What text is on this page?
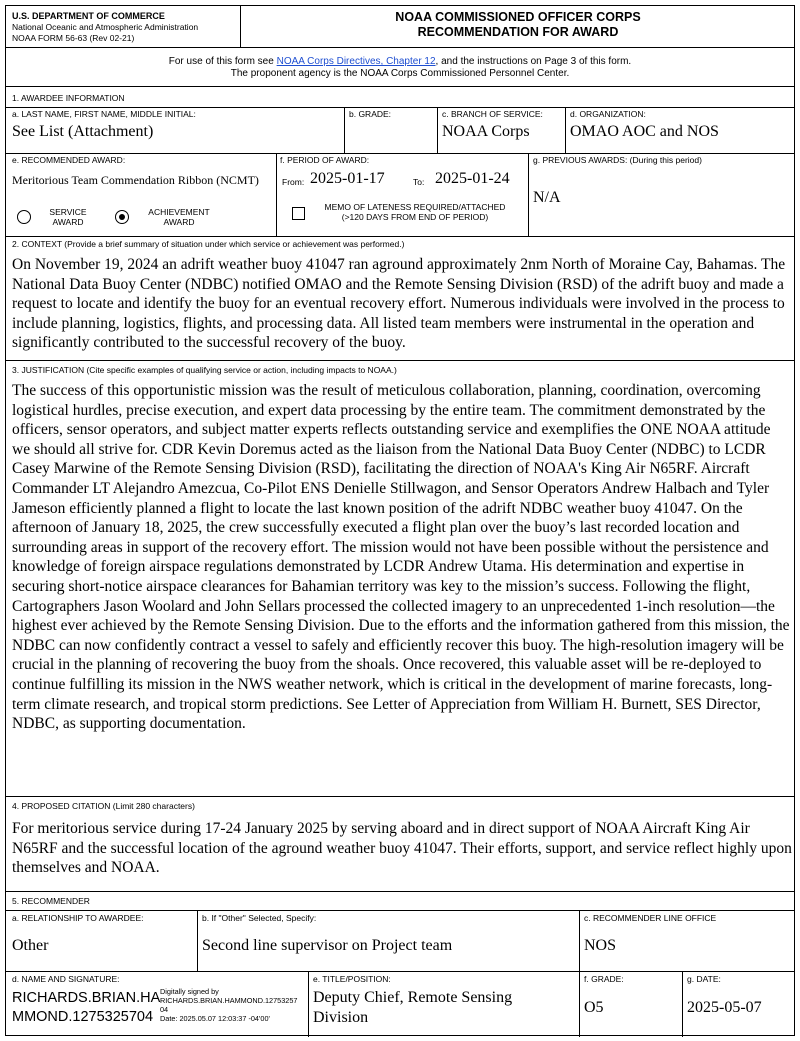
U.S. DEPARTMENT OF COMMERCE
National Oceanic and Atmospheric Administration
NOAA FORM 56-63 (Rev 02-21)
NOAA COMMISSIONED OFFICER CORPS
RECOMMENDATION FOR AWARD
For use of this form see NOAA Corps Directives, Chapter 12, and the instructions on Page 3 of this form.
The proponent agency is the NOAA Corps Commissioned Personnel Center.
1. AWARDEE INFORMATION
a. LAST NAME, FIRST NAME, MIDDLE INITIAL:
See List (Attachment)
b. GRADE:	c. BRANCH OF SERVICE:
NOAA Corps
d. ORGANIZATION:
OMAO AOC and NOS
e. RECOMMENDED AWARD:
Meritorious Team Commendation Ribbon (NCMT)
SERVICE
AWARD
ACHIEVEMENT
AWARD
f. PERIOD OF AWARD:
From: 2025-01-17	To: 2025-01-24
MEMO OF LATENESS REQUIRED/ATTACHED
(>120 DAYS FROM END OF PERIOD)
g. PREVIOUS AWARDS: (During this period)
N/A
2. CONTEXT (Provide a brief summary of situation under which service or achievement was performed.)
On November 19, 2024 an adrift weather buoy 41047 ran aground approximately 2nm North of Moraine Cay, Bahamas. The National Data Buoy Center (NDBC) notified OMAO and the Remote Sensing Division (RSD) of the adrift buoy and made a request to locate and identify the buoy for an eventual recovery effort. Numerous individuals were involved in the process to include planning, logistics, flights, and processing data. All listed team members were instrumental in the operation and significantly contributed to the successful recovery of the buoy.
3. JUSTIFICATION (Cite specific examples of qualifying service or action, including impacts to NOAA.)
The success of this opportunistic mission was the result of meticulous collaboration, planning, coordination, overcoming logistical hurdles, precise execution, and expert data processing by the entire team. The commitment demonstrated by the officers, sensor operators, and subject matter experts reflects outstanding service and exemplifies the ONE NOAA attitude we should all strive for. CDR Kevin Doremus acted as the liaison from the National Data Buoy Center (NDBC) to LCDR Casey Marwine of the Remote Sensing Division (RSD), facilitating the direction of NOAA's King Air N65RF. Aircraft Commander LT Alejandro Amezcua, Co-Pilot ENS Denielle Stillwagon, and Sensor Operators Andrew Halbach and Tyler Jameson efficiently planned a flight to locate the last known position of the adrift NDBC weather buoy 41047. On the afternoon of January 18, 2025, the crew successfully executed a flight plan over the buoy’s last recorded location and surrounding areas in support of the recovery effort. The mission would not have been possible without the persistence and knowledge of foreign airspace regulations demonstrated by LCDR Andrew Utama. His determination and expertise in securing short-notice airspace clearances for Bahamian territory was key to the mission’s success. Following the flight, Cartographers Jason Woolard and John Sellars processed the collected imagery to an unprecedented 1-inch resolution—the highest ever achieved by the Remote Sensing Division. Due to the efforts and the information gathered from this mission, the NDBC can now confidently contract a vessel to safely and efficiently recover this buoy. The high-resolution imagery will be crucial in the planning of recovering the buoy from the shoals. Once recovered, this valuable asset will be re-deployed to continue fulfilling its mission in the NWS weather network, which is critical in the development of marine forecasts, long-term climate research, and tropical storm predictions. See Letter of Appreciation from William H. Burnett, SES Director, NDBC, as supporting documentation.
4. PROPOSED CITATION (Limit 280 characters)
For meritorious service during 17-24 January 2025 by serving aboard and in direct support of NOAA Aircraft King Air N65RF and the successful location of the aground weather buoy 41047. Their efforts, support, and service reflect highly upon themselves and NOAA.
5. RECOMMENDER
a. RELATIONSHIP TO AWARDEE:
Other
b. If "Other" Selected, Specify:
Second line supervisor on Project team
c. RECOMMENDER LINE OFFICE
NOS
d. NAME AND SIGNATURE:
RICHARDS.BRIAN.HA
MMOND.1275325704
Digitally signed by
RICHARDS.BRIAN.HAMMOND.12753257
04
Date: 2025.05.07 12:03:37 -04'00'
e. TITLE/POSITION:
Deputy Chief, Remote Sensing
Division
f. GRADE:
O5
g. DATE:
2025-05-07
